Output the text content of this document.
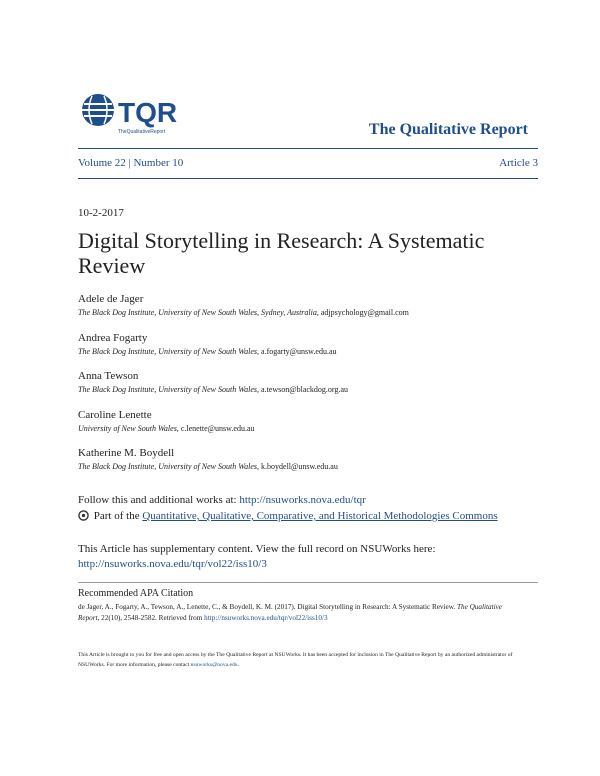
TQR
TheQualitativeReport	The Qualitative Report
Volume 22 | Number 10	Article 3
10-2-2017
Digital Storytelling in Research: A Systematic Review
Adele de Jager
The Black Dog Institute, University of New South Wales, Sydney, Australia, adjpsychology@gmail.com
Andrea Fogarty
The Black Dog Institute, University of New South Wales, a.fogarty@unsw.edu.au
Anna Tewson
The Black Dog Institute, University of New South Wales, a.tewson@blackdog.org.au
Caroline Lenette
University of New South Wales, c.lenette@unsw.edu.au
Katherine M. Boydell
The Black Dog Institute, University of New South Wales, k.boydell@unsw.edu.au
Follow this and additional works at: http://nsuworks.nova.edu/tqr
Part of the Quantitative, Qualitative, Comparative, and Historical Methodologies Commons
This Article has supplementary content. View the full record on NSUWorks here:
http://nsuworks.nova.edu/tqr/vol22/iss10/3
Recommended APA Citation
de Jager, A., Fogarty, A., Tewson, A., Lenette, C., & Boydell, K. M. (2017). Digital Storytelling in Research: A Systematic Review. The Qualitative Report, 22(10), 2548-2582. Retrieved from http://nsuworks.nova.edu/tqr/vol22/iss10/3
This Article is brought to you for free and open access by the The Qualitative Report at NSUWorks. It has been accepted for inclusion in The Qualitative Report by an authorized administrator of NSUWorks. For more information, please contact nsuworks@nova.edu.
